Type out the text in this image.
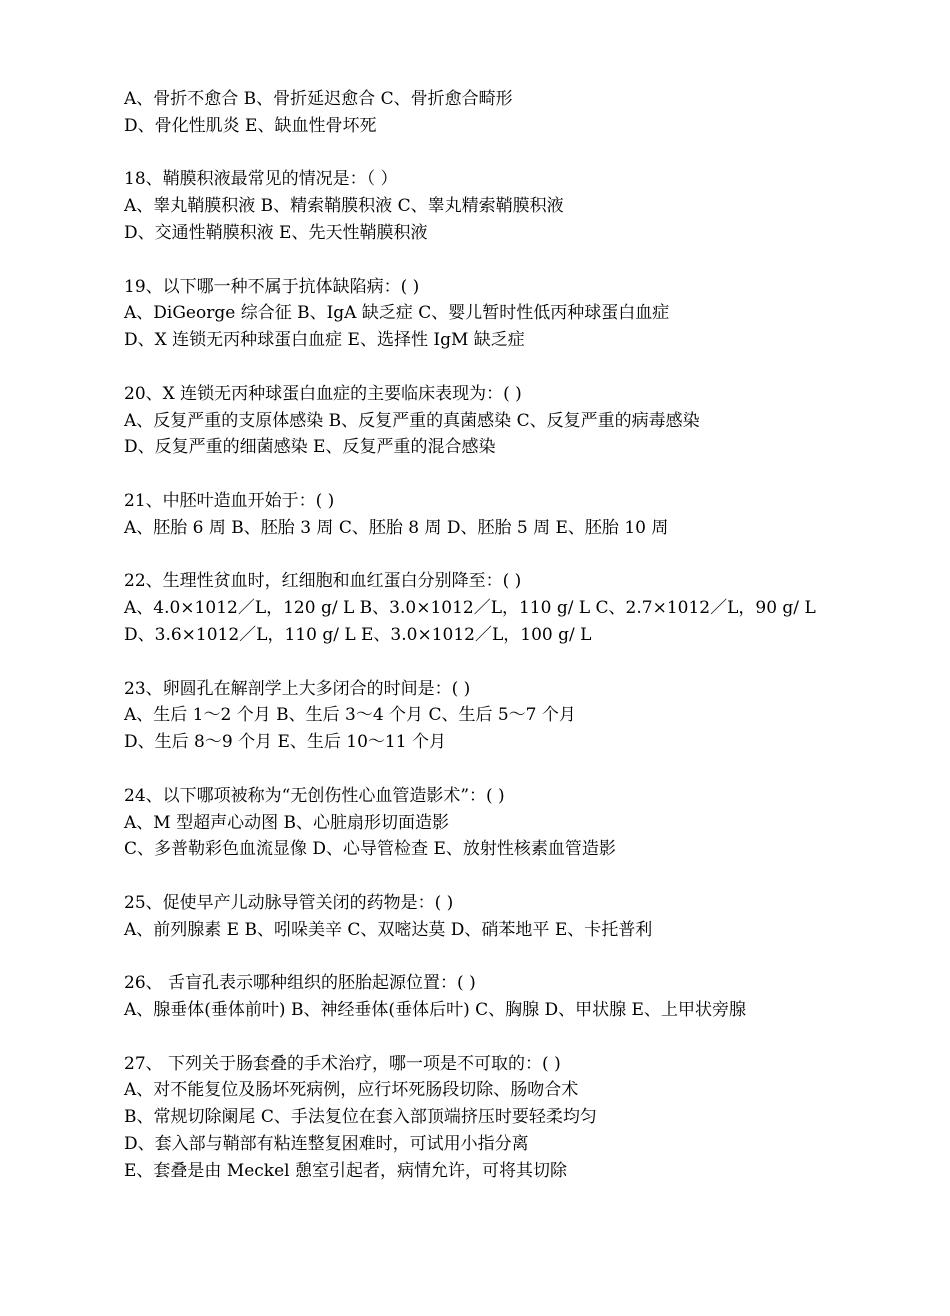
A、骨折不愈合 B、骨折延迟愈合 C、骨折愈合畸形
D、骨化性肌炎 E、缺血性骨坏死
18、鞘膜积液最常见的情况是：（ ）
A、睾丸鞘膜积液 B、精索鞘膜积液 C、睾丸精索鞘膜积液
D、交通性鞘膜积液 E、先天性鞘膜积液
19、以下哪一种不属于抗体缺陷病：( )
A、DiGeorge 综合征 B、IgA 缺乏症 C、婴儿暂时性低丙种球蛋白血症
D、X 连锁无丙种球蛋白血症 E、选择性 IgM 缺乏症
20、X 连锁无丙种球蛋白血症的主要临床表现为：( )
A、反复严重的支原体感染 B、反复严重的真菌感染 C、反复严重的病毒感染
D、反复严重的细菌感染 E、反复严重的混合感染
21、中胚叶造血开始于：( )
A、胚胎 6 周 B、胚胎 3 周 C、胚胎 8 周 D、胚胎 5 周 E、胚胎 10 周
22、生理性贫血时，红细胞和血红蛋白分别降至：( )
A、4.0×1012／L，120 g/ L B、3.0×1012／L，110 g/ L C、2.7×1012／L，90 g/ L
D、3.6×1012／L，110 g/ L E、3.0×1012／L，100 g/ L
23、卵圆孔在解剖学上大多闭合的时间是：( )
A、生后 1～2 个月 B、生后 3～4 个月 C、生后 5～7 个月
D、生后 8～9 个月 E、生后 10～11 个月
24、以下哪项被称为“无创伤性心血管造影术”：( )
A、M 型超声心动图 B、心脏扇形切面造影
C、多普勒彩色血流显像 D、心导管检查 E、放射性核素血管造影
25、促使早产儿动脉导管关闭的药物是：( )
A、前列腺素 E B、吲哚美辛 C、双嘧达莫 D、硝苯地平 E、卡托普利
26、 舌盲孔表示哪种组织的胚胎起源位置：( )
A、腺垂体(垂体前叶) B、神经垂体(垂体后叶) C、胸腺 D、甲状腺 E、上甲状旁腺
27、 下列关于肠套叠的手术治疗，哪一项是不可取的：( )
A、对不能复位及肠坏死病例，应行坏死肠段切除、肠吻合术
B、常规切除阑尾 C、手法复位在套入部顶端挤压时要轻柔均匀
D、套入部与鞘部有粘连整复困难时，可试用小指分离
E、套叠是由 Meckel 憩室引起者，病情允许，可将其切除
